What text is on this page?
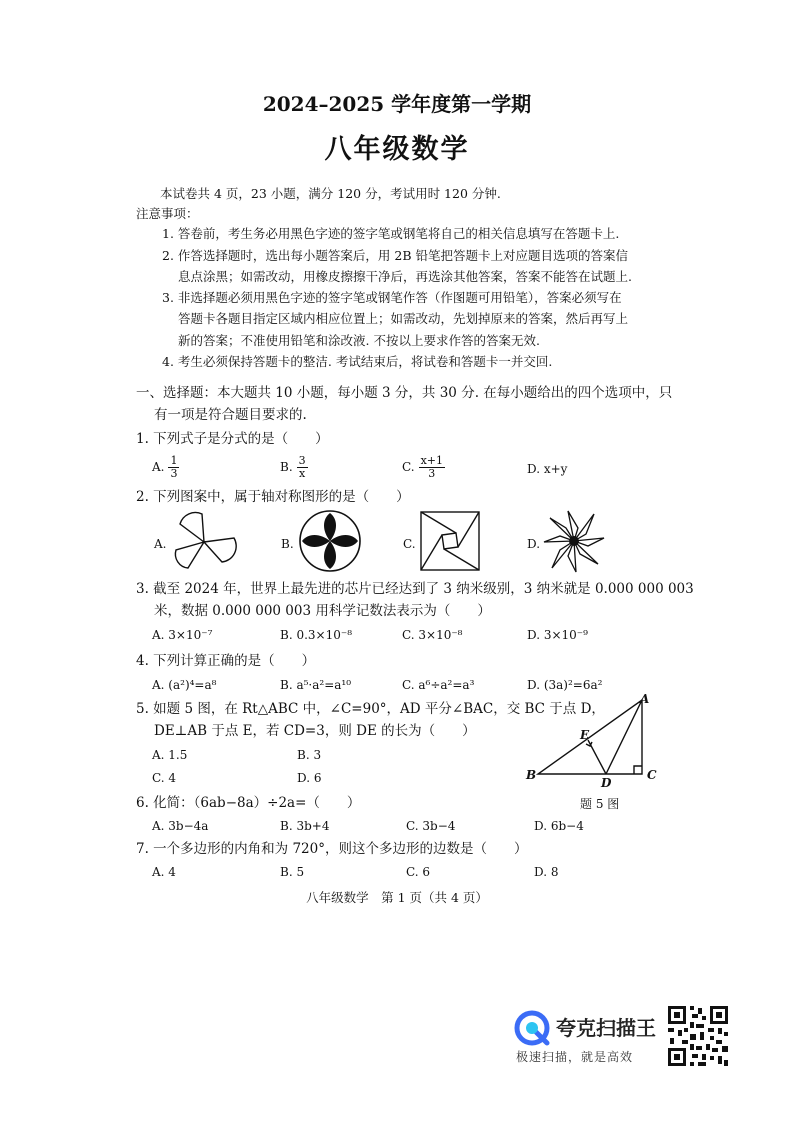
2024–2025 学年度第一学期
八年级数学
本试卷共 4 页，23 小题，满分 120 分，考试用时 120 分钟.
注意事项：
1. 答卷前，考生务必用黑色字迹的签字笔或钢笔将自己的相关信息填写在答题卡上.
2. 作答选择题时，选出每小题答案后，用 2B 铅笔把答题卡上对应题目选项的答案信
息点涂黑；如需改动，用橡皮擦擦干净后，再选涂其他答案，答案不能答在试题上.
3. 非选择题必须用黑色字迹的签字笔或钢笔作答（作图题可用铅笔），答案必须写在
答题卡各题目指定区域内相应位置上；如需改动，先划掉原来的答案，然后再写上
新的答案；不准使用铅笔和涂改液. 不按以上要求作答的答案无效.
4. 考生必须保持答题卡的整洁. 考试结束后，将试卷和答题卡一并交回.
一、选择题：本大题共 10 小题，每小题 3 分，共 30 分. 在每小题给出的四个选项中，只
有一项是符合题目要求的.
1. 下列式子是分式的是（　　）
A. $\frac{1}{3}$	B. $\frac{3}{x}$	C. $\frac{x+1}{3}$	D. x+y
2. 下列图案中，属于轴对称图形的是（　　）
A.	B.	C.	D.
3. 截至 2024 年，世界上最先进的芯片已经达到了 3 纳米级别，3 纳米就是 0.000 000 003
米，数据 0.000 000 003 用科学记数法表示为（　　）
A. 3×10⁻⁷	B. 0.3×10⁻⁸	C. 3×10⁻⁸	D. 3×10⁻⁹
4. 下列计算正确的是（　　）
A. (a²)⁴=a⁸	B. a⁵·a²=a¹⁰	C. a⁶÷a²=a³	D. (3a)²=6a²
5. 如题 5 图，在 Rt△ABC 中，∠C=90°，AD 平分∠BAC，交 BC 于点 D，
DE⊥AB 于点 E，若 CD=3，则 DE 的长为（　　）
A. 1.5	B. 3
C. 4	D. 6
A
B	C
D
E
题 5 图
6. 化简：（6ab−8a）÷2a=（　　）
A. 3b−4a	B. 3b+4	C. 3b−4	D. 6b−4
7. 一个多边形的内角和为 720°，则这个多边形的边数是（　　）
A. 4	B. 5	C. 6	D. 8
八年级数学　第 1 页（共 4 页）
夸克扫描王
极速扫描，就是高效
